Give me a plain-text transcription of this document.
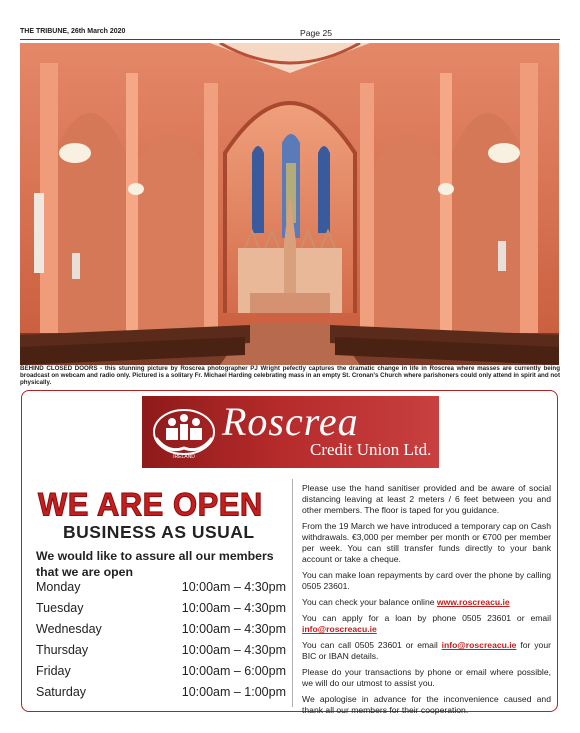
THE TRIBUNE, 26th March 2020	Page 25
BEHIND CLOSED DOORS - this stunning picture by Roscrea photographer PJ Wright pefectly captures the dramatic change in life in Roscrea where masses are currently being broadcast on webcam and radio only. Pictured is a solitary Fr. Michael Harding celebrating mass in an empty St. Cronan's Church where parishoners could only attend in spirit and not physically.
IRELAND
Roscrea
Credit Union Ltd.
WE ARE OPEN
BUSINESS AS USUAL
We would like to assure all our members that we are open
Monday	10:00am – 4:30pm
Tuesday	10:00am – 4:30pm
Wednesday	10:00am – 4:30pm
Thursday	10:00am – 4:30pm
Friday	10:00am – 6:00pm
Saturday	10:00am – 1:00pm

Please use the hand sanitiser provided and be aware of social distancing leaving at least 2 meters / 6 feet between you and other members. The floor is taped for you guidance.

From the 19 March we have introduced a temporary cap on Cash withdrawals. €3,000 per member per month or €700 per member per week. You can still transfer funds directly to your bank account or take a cheque.

You can make loan repayments by card over the phone by calling 0505 23601.

You can check your balance online www.roscreacu.ie

You can apply for a loan by phone 0505 23601 or email info@roscreacu.ie

You can call 0505 23601 or email info@roscreacu.ie for your BIC or IBAN details.

Please do your transactions by phone or email where possible, we will do our utmost to assist you.

We apologise in advance for the inconvenience caused and thank all our members for their cooperation.
